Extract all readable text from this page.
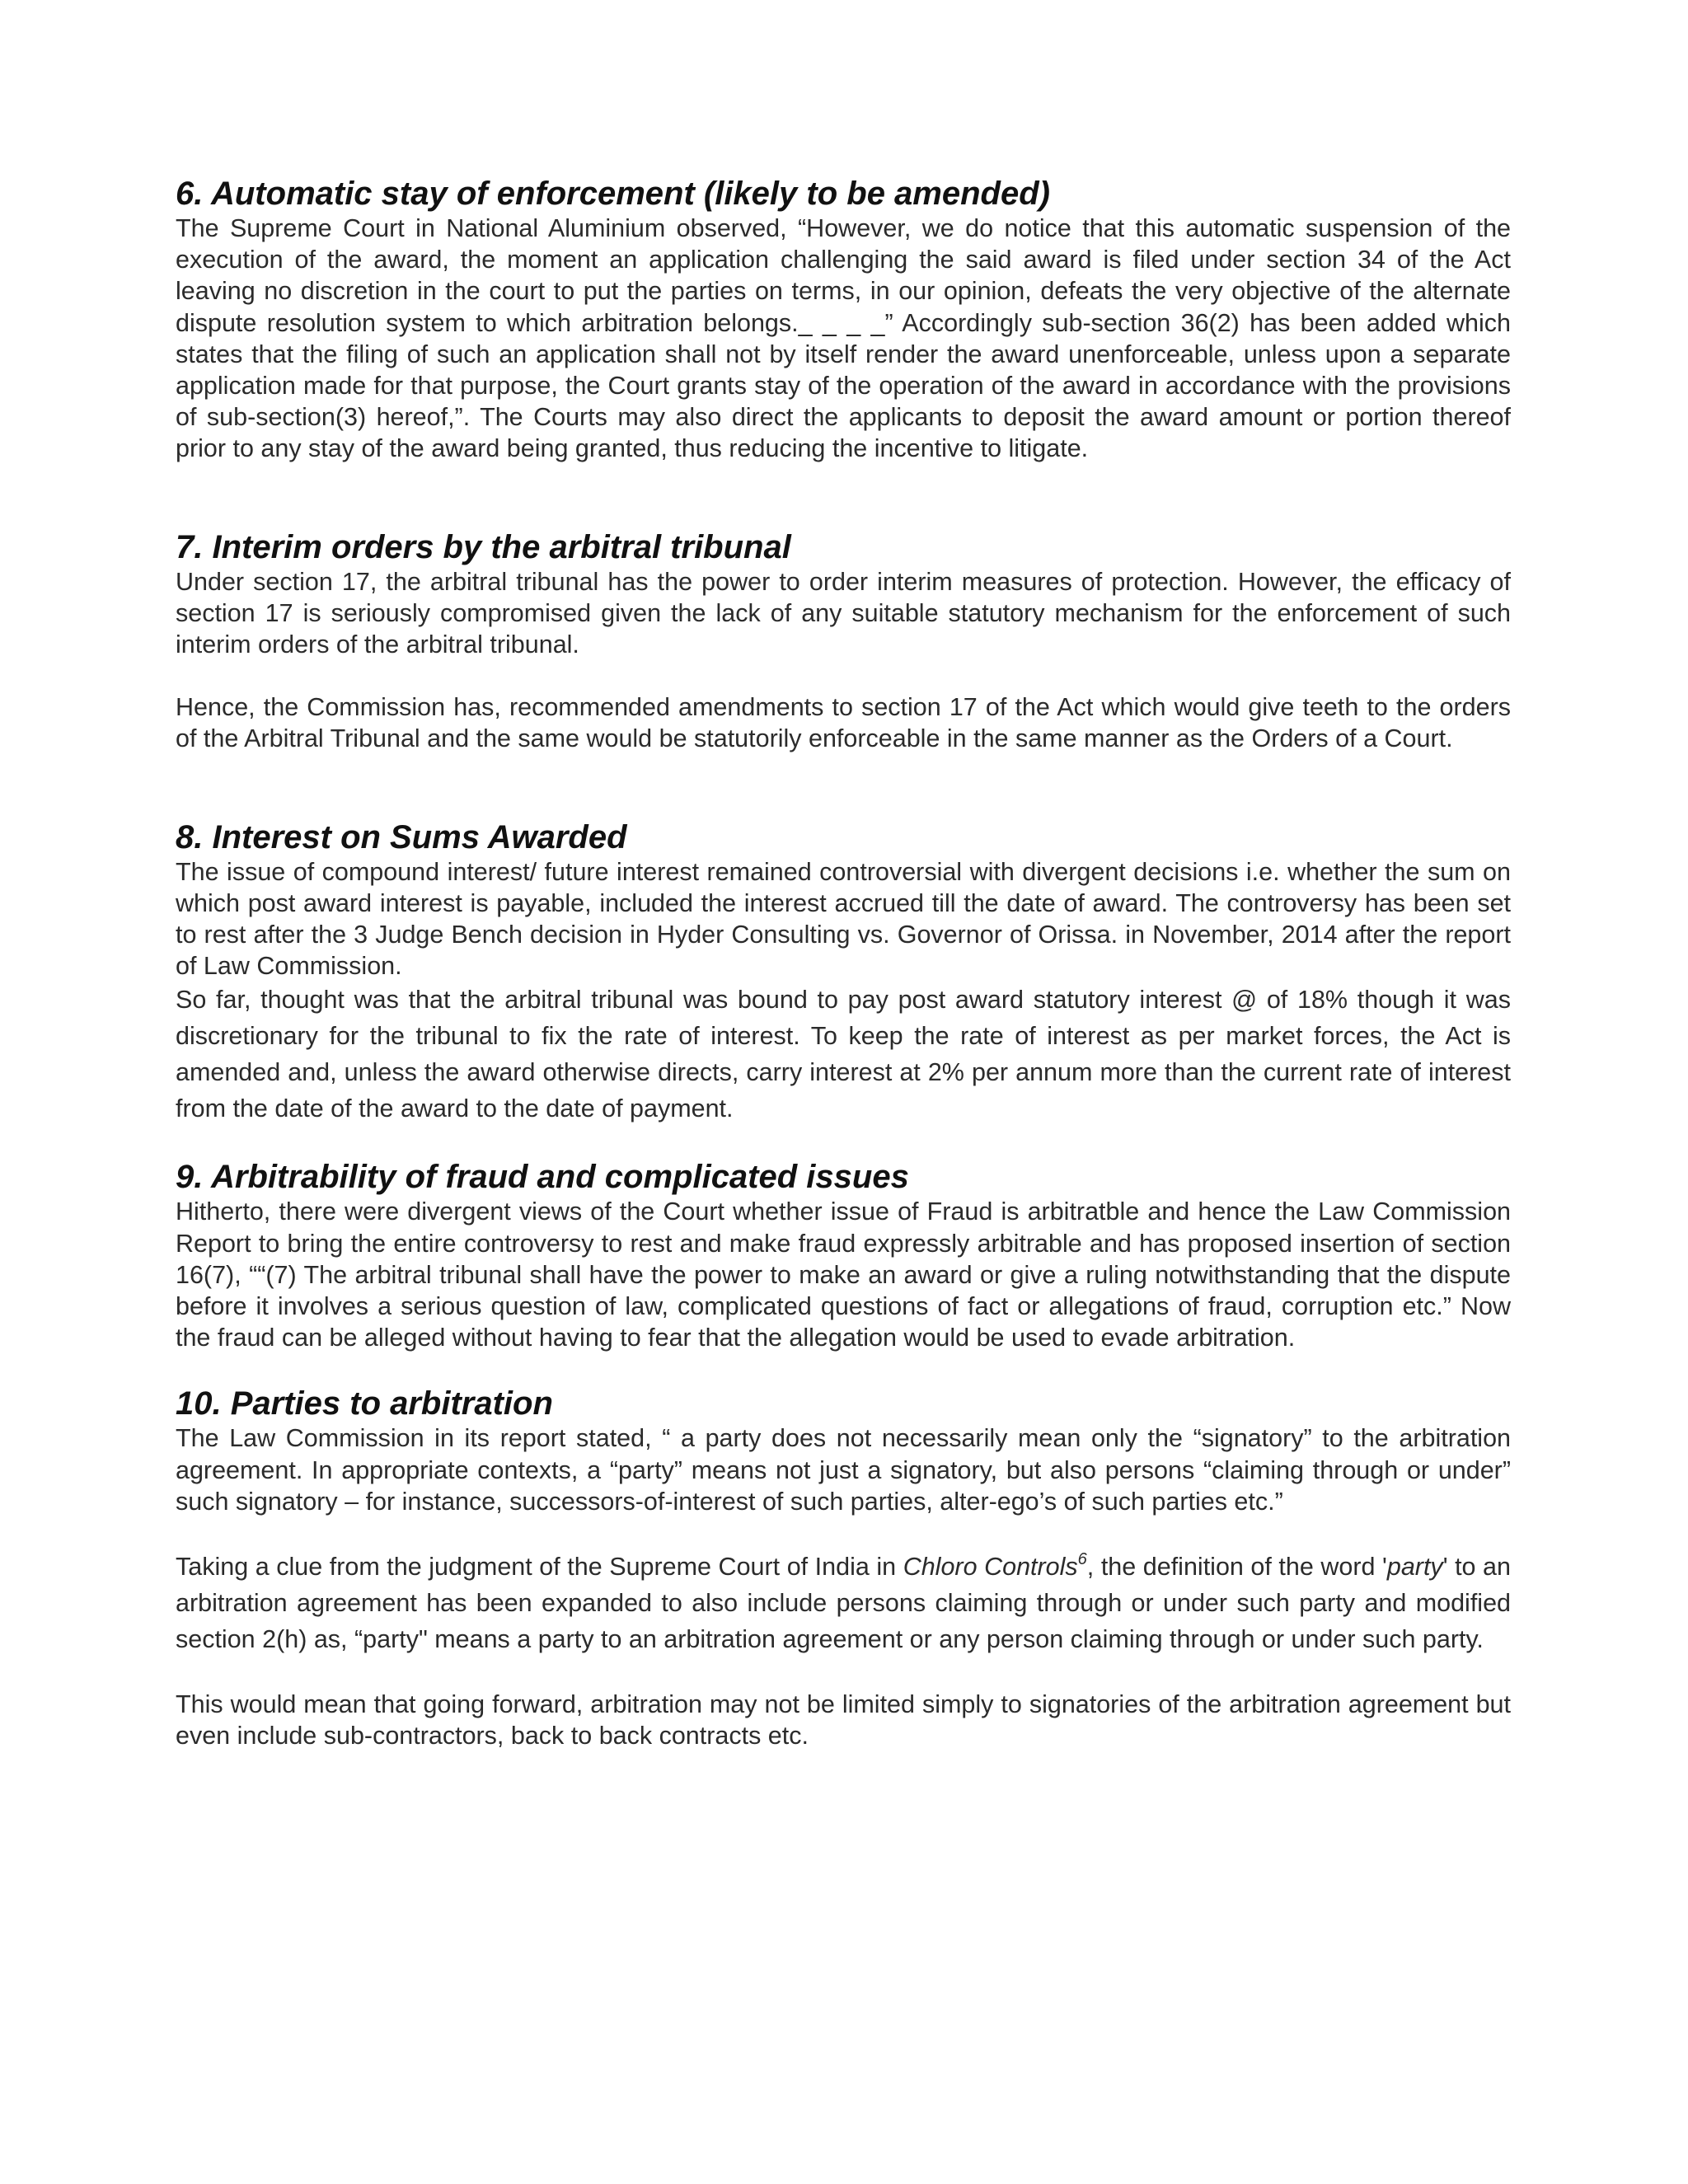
6. Automatic stay of enforcement (likely to be amended)

The Supreme Court in National Aluminium observed, “However, we do notice that this automatic suspension of the execution of the award, the moment an application challenging the said award is filed under section 34 of the Act leaving no discretion in the court to put the parties on terms, in our opinion, defeats the very objective of the alternate dispute resolution system to which arbitration belongs._ _ _ _” Accordingly sub-section 36(2) has been added which states that the filing of such an application shall not by itself render the award unenforceable, unless upon a separate application made for that purpose, the Court grants stay of the operation of the award in accordance with the provisions of sub-section(3) hereof,”. The Courts may also direct the applicants to deposit the award amount or portion thereof prior to any stay of the award being granted, thus reducing the incentive to litigate.

7. Interim orders by the arbitral tribunal

Under section 17, the arbitral tribunal has the power to order interim measures of protection. However, the efficacy of section 17 is seriously compromised given the lack of any suitable statutory mechanism for the enforcement of such interim orders of the arbitral tribunal.

Hence, the Commission has, recommended amendments to section 17 of the Act which would give teeth to the orders of the Arbitral Tribunal and the same would be statutorily enforceable in the same manner as the Orders of a Court.

8. Interest on Sums Awarded

The issue of compound interest/ future interest remained controversial with divergent decisions i.e. whether the sum on which post award interest is payable, included the interest accrued till the date of award. The controversy has been set to rest after the 3 Judge Bench decision in Hyder Consulting vs. Governor of Orissa. in November, 2014 after the report of Law Commission.

So far, thought was that the arbitral tribunal was bound to pay post award statutory interest @ of 18% though it was discretionary for the tribunal to fix the rate of interest. To keep the rate of interest as per market forces, the Act is amended and, unless the award otherwise directs, carry interest at 2% per annum more than the current rate of interest from the date of the award to the date of payment.

9. Arbitrability of fraud and complicated issues

Hitherto, there were divergent views of the Court whether issue of Fraud is arbitratble and hence the Law Commission Report to bring the entire controversy to rest and make fraud expressly arbitrable and has proposed insertion of section 16(7), ““(7) The arbitral tribunal shall have the power to make an award or give a ruling notwithstanding that the dispute before it involves a serious question of law, complicated questions of fact or allegations of fraud, corruption etc.” Now the fraud can be alleged without having to fear that the allegation would be used to evade arbitration.

10. Parties to arbitration

The Law Commission in its report stated, “ a party does not necessarily mean only the “signatory” to the arbitration agreement. In appropriate contexts, a “party” means not just a signatory, but also persons “claiming through or under” such signatory – for instance, successors-of-interest of such parties, alter-ego’s of such parties etc.”

Taking a clue from the judgment of the Supreme Court of India in Chloro Controls$^6$, the definition of the word 'party' to an arbitration agreement has been expanded to also include persons claiming through or under such party and modified section 2(h) as, “party" means a party to an arbitration agreement or any person claiming through or under such party.

This would mean that going forward, arbitration may not be limited simply to signatories of the arbitration agreement but even include sub-contractors, back to back contracts etc.
